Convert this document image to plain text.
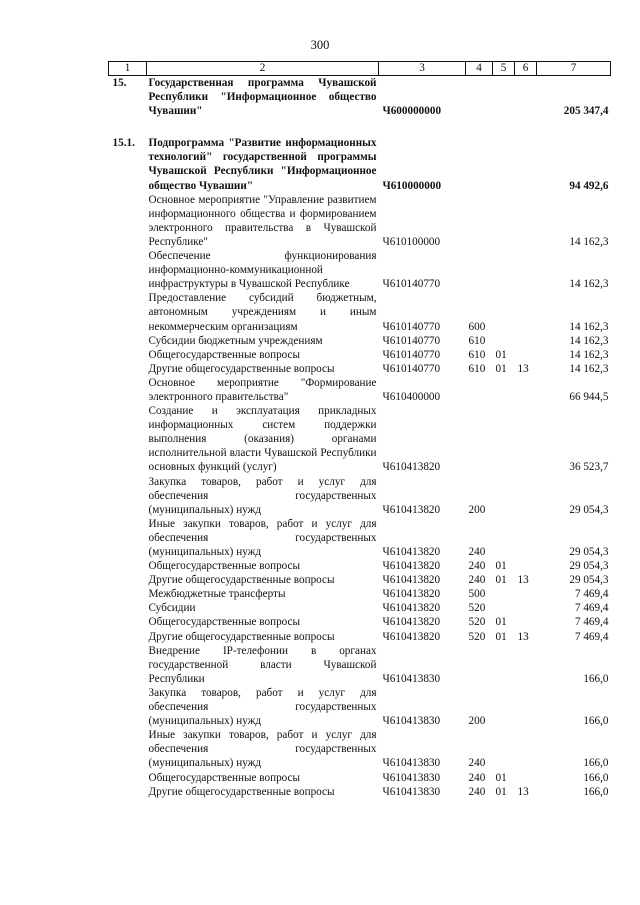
300
1	2	3	4	5	6	7
15.	Государственная программа Чувашской Республики "Информационное общество Чувашии"	Ч600000000				205 347,4

15.1.	Подпрограмма "Развитие информационных технологий" государственной программы Чувашской Республики "Информационное общество Чувашии"	Ч610000000				94 492,6
	Основное мероприятие "Управление развитием информационного общества и формированием электронного правительства в Чувашской Республике"	Ч610100000				14 162,3
	Обеспечение функционирования информационно-коммуникационной инфраструктуры в Чувашской Республике	Ч610140770				14 162,3
	Предоставление субсидий бюджетным, автономным учреждениям и иным некоммерческим организациям	Ч610140770	600			14 162,3
	Субсидии бюджетным учреждениям	Ч610140770	610			14 162,3
	Общегосударственные вопросы	Ч610140770	610	01		14 162,3
	Другие общегосударственные вопросы	Ч610140770	610	01	13	14 162,3
	Основное мероприятие "Формирование электронного правительства"	Ч610400000				66 944,5
	Создание и эксплуатация прикладных информационных систем поддержки выполнения (оказания) органами исполнительной власти Чувашской Республики основных функций (услуг)	Ч610413820				36 523,7
	Закупка товаров, работ и услуг для обеспечения государственных (муниципальных) нужд	Ч610413820	200			29 054,3
	Иные закупки товаров, работ и услуг для обеспечения государственных (муниципальных) нужд	Ч610413820	240			29 054,3
	Общегосударственные вопросы	Ч610413820	240	01		29 054,3
	Другие общегосударственные вопросы	Ч610413820	240	01	13	29 054,3
	Межбюджетные трансферты	Ч610413820	500			7 469,4
	Субсидии	Ч610413820	520			7 469,4
	Общегосударственные вопросы	Ч610413820	520	01		7 469,4
	Другие общегосударственные вопросы	Ч610413820	520	01	13	7 469,4
	Внедрение IP-телефонии в органах государственной власти Чувашской Республики	Ч610413830				166,0
	Закупка товаров, работ и услуг для обеспечения государственных (муниципальных) нужд	Ч610413830	200			166,0
	Иные закупки товаров, работ и услуг для обеспечения государственных (муниципальных) нужд	Ч610413830	240			166,0
	Общегосударственные вопросы	Ч610413830	240	01		166,0
	Другие общегосударственные вопросы	Ч610413830	240	01	13	166,0
